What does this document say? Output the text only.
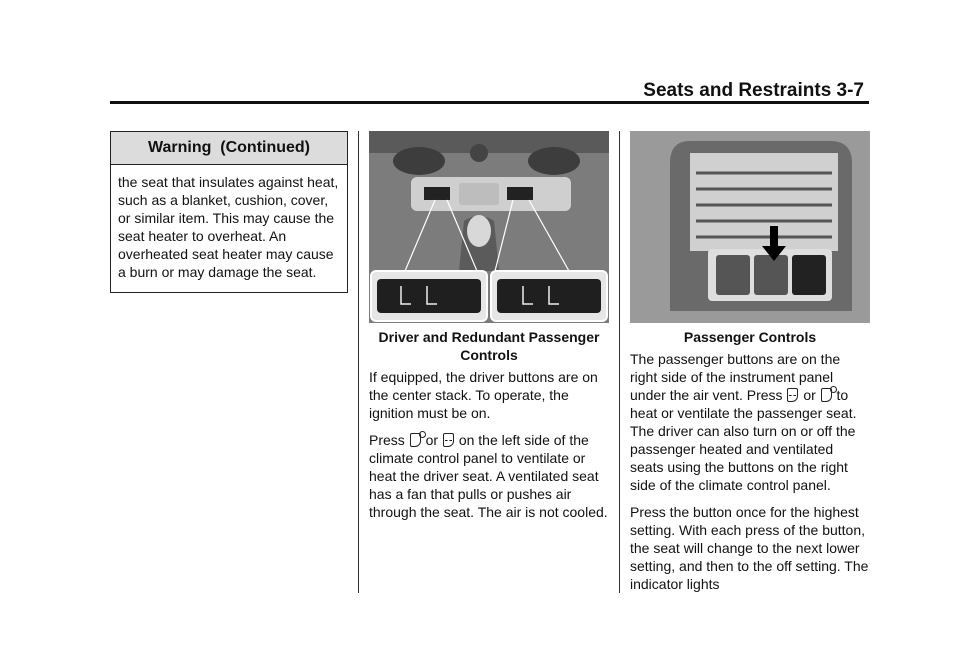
Seats and Restraints 3-7
Warning  (Continued)
the seat that insulates against heat, such as a blanket, cushion, cover, or similar item. This may cause the seat heater to overheat. An overheated seat heater may cause a burn or may damage the seat.
Driver and Redundant Passenger Controls

If equipped, the driver buttons are on the center stack. To operate, the ignition must be on.

Press or on the left side of the climate control panel to ventilate or heat the driver seat. A ventilated seat has a fan that pulls or pushes air through the seat. The air is not cooled.

Passenger Controls

The passenger buttons are on the right side of the instrument panel under the air vent. Press or to heat or ventilate the passenger seat. The driver can also turn on or off the passenger heated and ventilated seats using the buttons on the right side of the climate control panel.

Press the button once for the highest setting. With each press of the button, the seat will change to the next lower setting, and then to the off setting. The indicator lights
